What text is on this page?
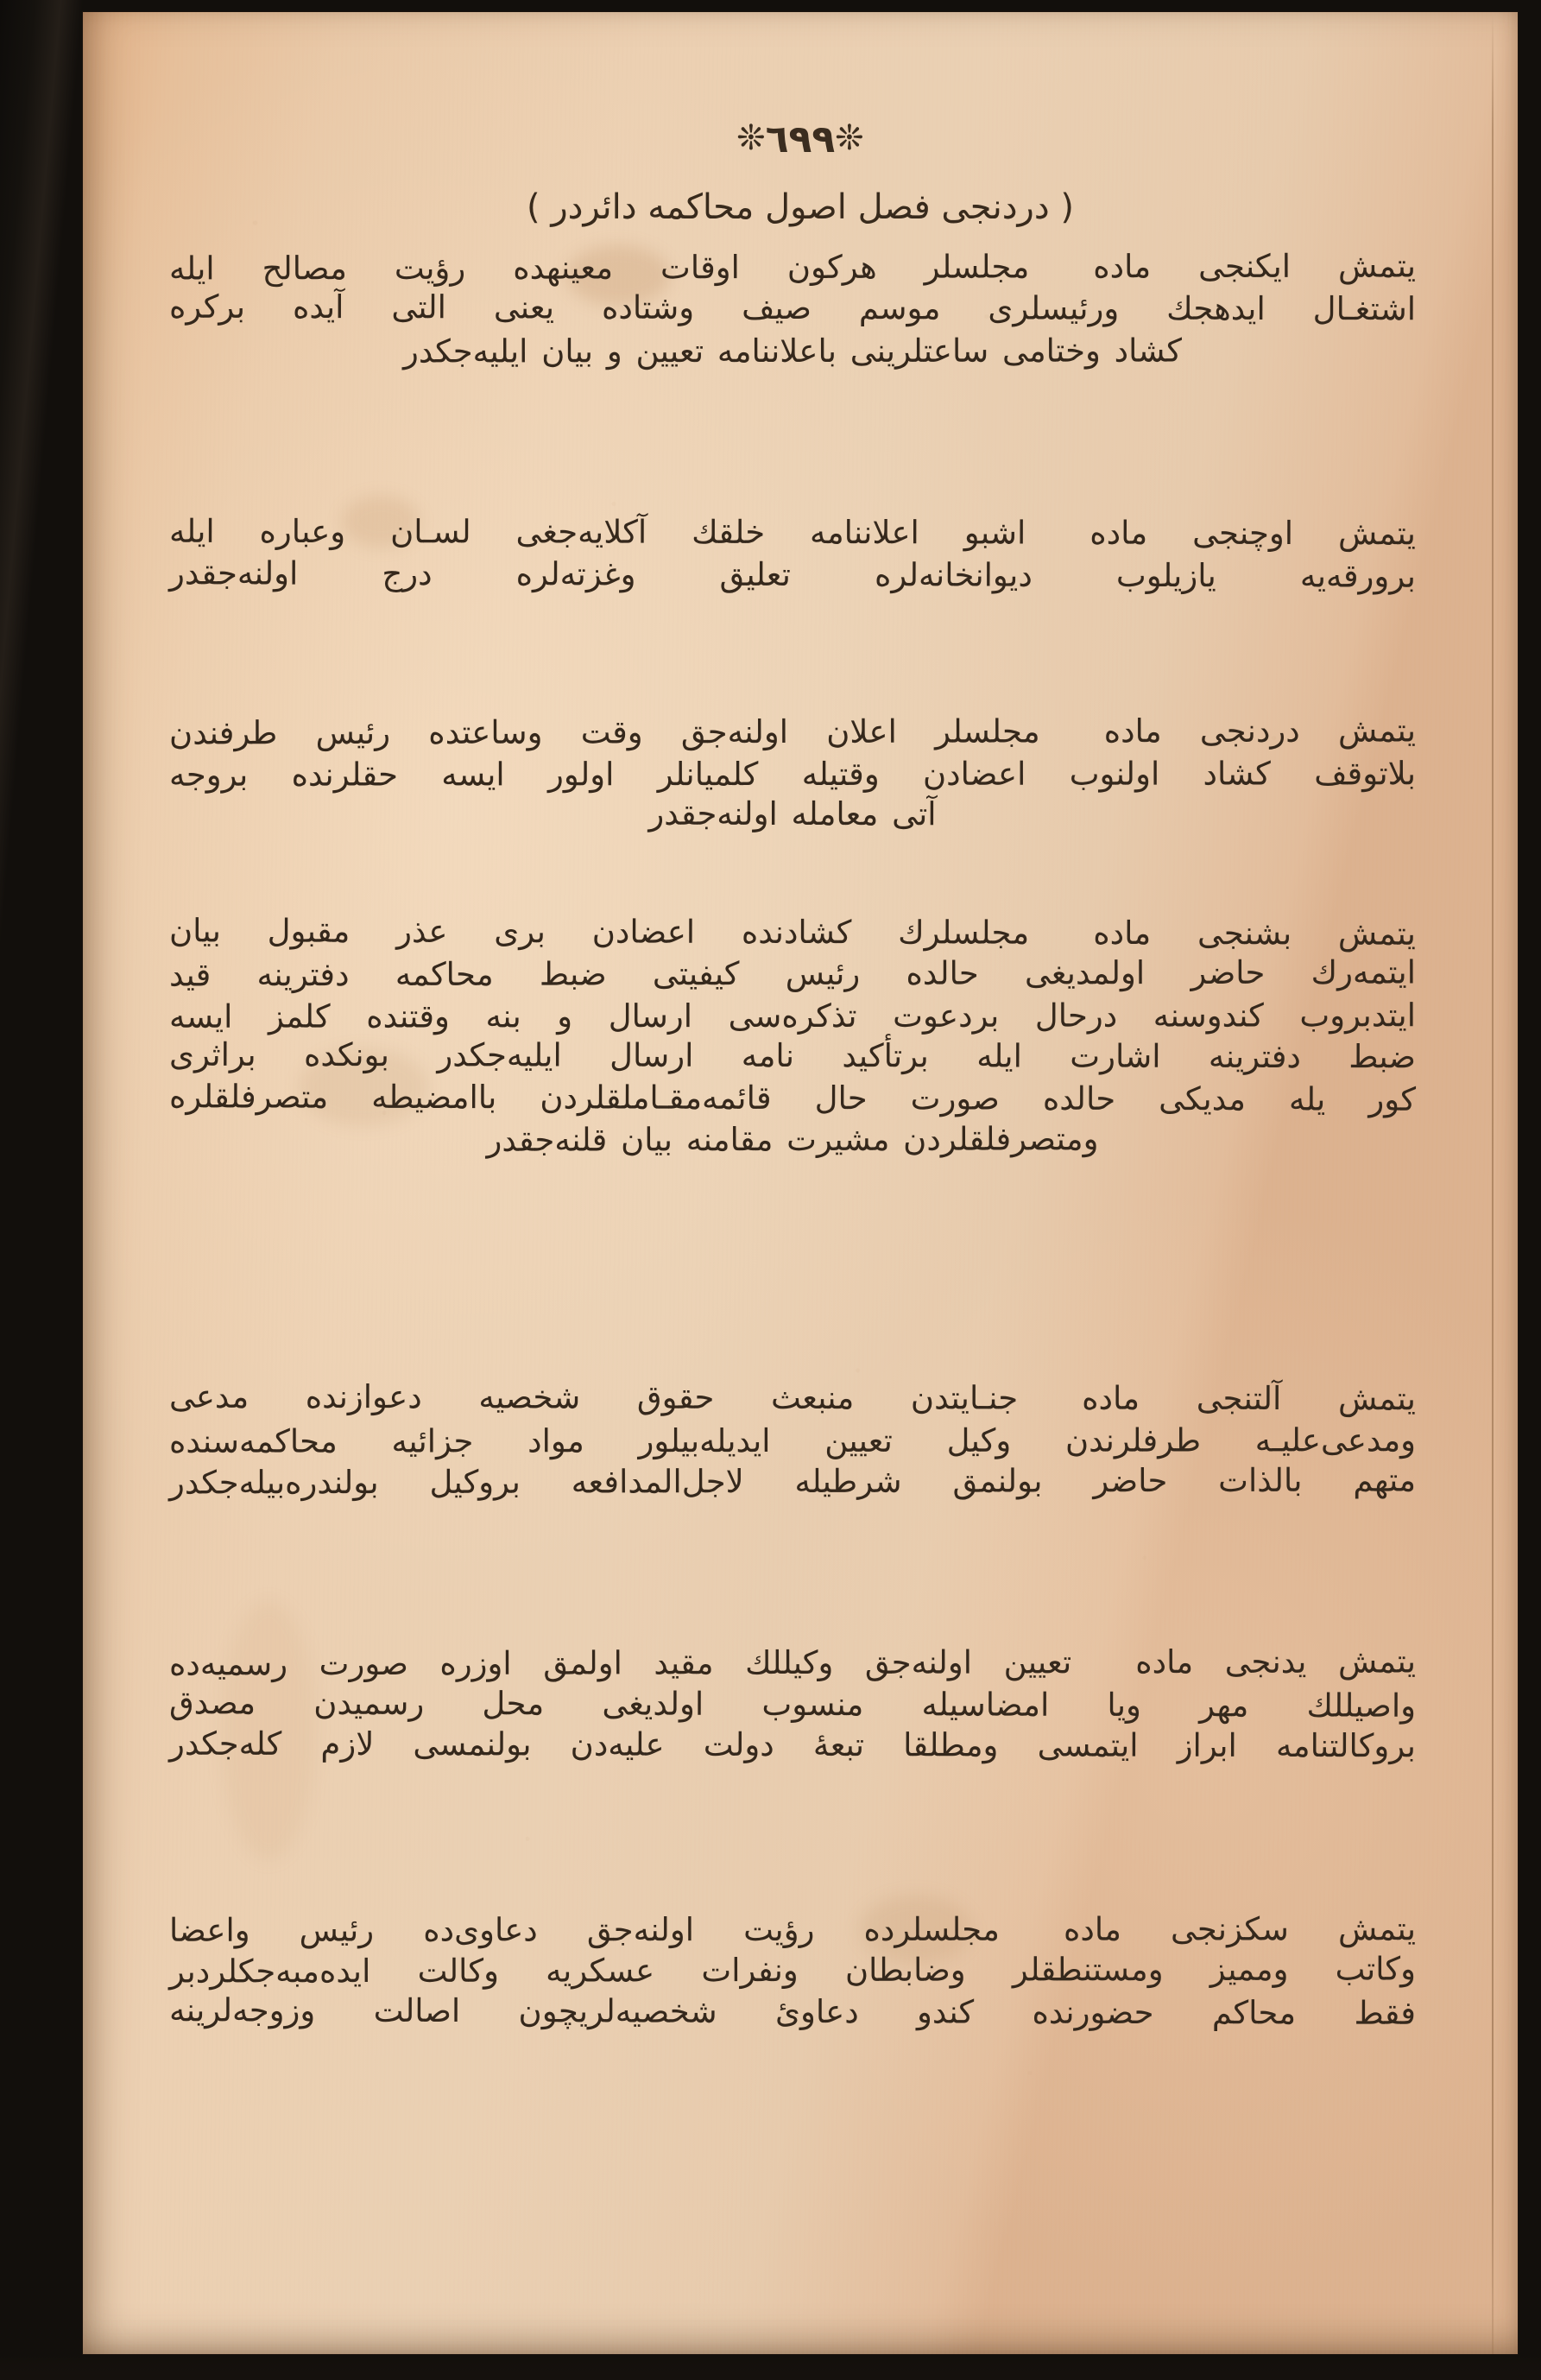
❊٦٩٩❊
( دردنجى فصل اصول محاكمه دائردر )
يتمش ايكنجى مادهمجلسلر هركون اوقات معينهده رؤيت مصالح ايله
اشتغـال ايدهجك ورئيسلرى موسم صيف وشتاده يعنى التى آيده بركره
كشاد وختامى ساعتلرينى باعلاننامه تعيين و بيان ايليه‌جكدر
يتمش اوچنجى مادهاشبو اعلاننامه خلقك آكلايه‌جغى لسـان وعباره ايله
برورقه‌يه يازيلوب ديوانخانه‌لره تعليق وغزته‌لره درج اولنه‌جقدر
يتمش دردنجى مادهمجلسلر اعلان اولنه‌جق وقت وساعتده رئيس طرفندن
بلاتوقف كشاد اولنوب اعضادن وقتيله كلميانلر اولور ايسه حقلرنده بروجه
آتى معامله اولنه‌جقدر
يتمش بشنجى مادهمجلسلرك كشادنده اعضادن برى عذر مقبول بيان
ايتمه‌رك حاضر اولمديغى حالده رئيس كيفيتى ضبط محاكمه دفترينه قيد
ايتدبروب كندوسنه درحال بردعوت تذكره‌سى ارسال و بنه وقتنده كلمز ايسه
ضبط دفترينه اشارت ايله برتأكيد نامه ارسال ايليه‌جكدر بونكده براثرى
كور يله مديكى حالده صورت حال قائمه‌مقـاملقلردن باامضيطه متصرفلقلره
ومتصرفلقلردن مشيرت مقامنه بيان قلنه‌جقدر
يتمش آلتنجى مادهجنـايتدن منبعث حقوق شخصيه دعوازنده مدعى
ومدعى‌عليـه طرفلرندن وكيل تعيين ايديله‌بيلور مواد جزائيه محاكمه‌سنده
متهم بالذات حاضر بولنمق شرطيله لاجل‌المدافعه بروكيل بولندره‌بيله‌جكدر
يتمش يدنجى مادهتعيين اولنه‌جق وكيللك مقيد اولمق اوزره صورت رسميه‌ده
واصيللك مهر ويا امضاسيله منسوب اولديغى محل رسميدن مصدق
بروكالتنامه ابراز ايتمسى ومطلقا تبعهٔ دولت عليه‌دن بولنمسى لازم كله‌جكدر
يتمش سكزنجى مادهمجلسلرده رؤيت اولنه‌جق دعاوى‌ده رئيس واعضا
وكاتب وممیز ومستنطقلر وضابطان ونفرات عسكريه وكالت ايده‌مبه‌جكلردبر
فقط محاكم حضورنده كندو دعاوىٔ شخصيه‌لريچون اصالت وزوجه‌لرينه
